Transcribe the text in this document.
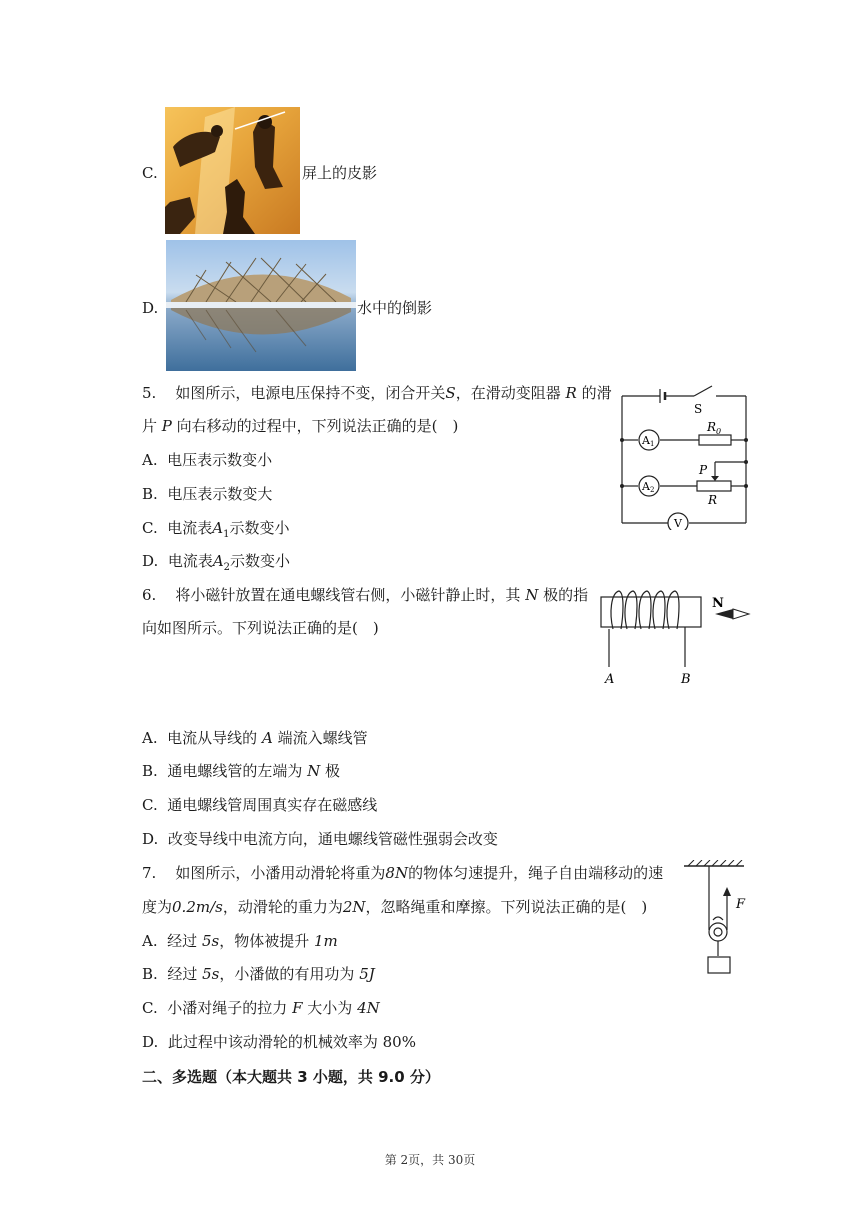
C.	屏上的皮影
D.	水中的倒影
5. 如图所示，电源电压保持不变，闭合开关S，在滑动变阻器 R 的滑
片 P 向右移动的过程中，下列说法正确的是(　)
A. 电压表示数变小
B. 电压表示数变大
C. 电流表$A_1$示数变小
D. 电流表$A_2$示数变小
S
$R_0$
A1
A2
P
R
V
6. 将小磁针放置在通电螺线管右侧，小磁针静止时，其 N 极的指
向如图所示。下列说法正确的是(　)
A	B
N
A. 电流从导线的 A 端流入螺线管
B. 通电螺线管的左端为 N 极
C. 通电螺线管周围真实存在磁感线
D. 改变导线中电流方向，通电螺线管磁性强弱会改变
7. 如图所示，小潘用动滑轮将重为8N的物体匀速提升，绳子自由端移动的速
度为0.2m/s，动滑轮的重力为2N，忽略绳重和摩擦。下列说法正确的是(　)
A. 经过 5s，物体被提升 1m
B. 经过 5s，小潘做的有用功为 5J
C. 小潘对绳子的拉力 F 大小为 4N
D. 此过程中该动滑轮的机械效率为 80%
F
二、多选题（本大题共 3 小题，共 9.0 分）
第 2页，共 30页
